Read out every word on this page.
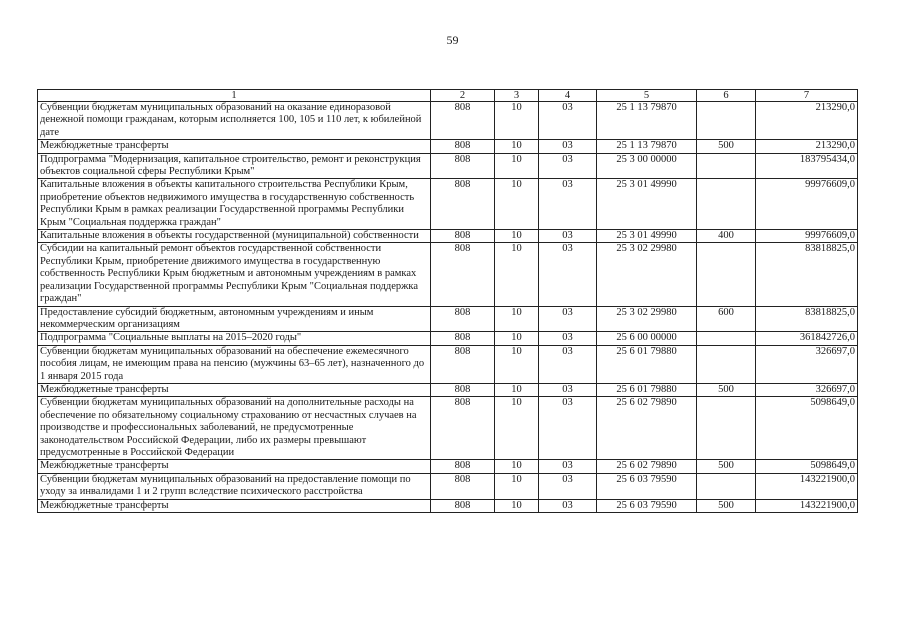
59
1	2	3	4	5	6	7
Субвенции бюджетам муниципальных образований на оказание единоразовой денежной помощи гражданам, которым исполняется 100, 105 и 110 лет, к юбилейной дате	808	10	03	25 1 13 79870		213290,0
Межбюджетные трансферты	808	10	03	25 1 13 79870	500	213290,0
Подпрограмма "Модернизация, капитальное строительство, ремонт и реконструкция объектов социальной сферы Республики Крым"	808	10	03	25 3 00 00000		183795434,0
Капитальные вложения в объекты капитального строительства Республики Крым, приобретение объектов недвижимого имущества в государственную собственность Республики Крым в рамках реализации Государственной программы Республики Крым "Социальная поддержка граждан"	808	10	03	25 3 01 49990		99976609,0
Капитальные вложения в объекты государственной (муниципальной) собственности	808	10	03	25 3 01 49990	400	99976609,0
Субсидии на капитальный ремонт объектов государственной собственности Республики Крым, приобретение движимого имущества в государственную собственность Республики Крым бюджетным и автономным учреждениям в рамках реализации Государственной программы Республики Крым "Социальная поддержка граждан"	808	10	03	25 3 02 29980		83818825,0
Предоставление субсидий бюджетным, автономным учреждениям и иным некоммерческим организациям	808	10	03	25 3 02 29980	600	83818825,0
Подпрограмма "Социальные выплаты на 2015–2020 годы"	808	10	03	25 6 00 00000		361842726,0
Субвенции бюджетам муниципальных образований на обеспечение ежемесячного пособия лицам, не имеющим права на пенсию (мужчины 63–65 лет), назначенного до 1 января 2015 года	808	10	03	25 6 01 79880		326697,0
Межбюджетные трансферты	808	10	03	25 6 01 79880	500	326697,0
Субвенции бюджетам муниципальных образований на дополнительные расходы на обеспечение по обязательному социальному страхованию от несчастных случаев на производстве и профессиональных заболеваний, не предусмотренные законодательством Российской Федерации, либо их размеры превышают предусмотренные в Российской Федерации	808	10	03	25 6 02 79890		5098649,0
Межбюджетные трансферты	808	10	03	25 6 02 79890	500	5098649,0
Субвенции бюджетам муниципальных образований на предоставление помощи по уходу за инвалидами 1 и 2 групп вследствие психического расстройства	808	10	03	25 6 03 79590		143221900,0
Межбюджетные трансферты	808	10	03	25 6 03 79590	500	143221900,0
